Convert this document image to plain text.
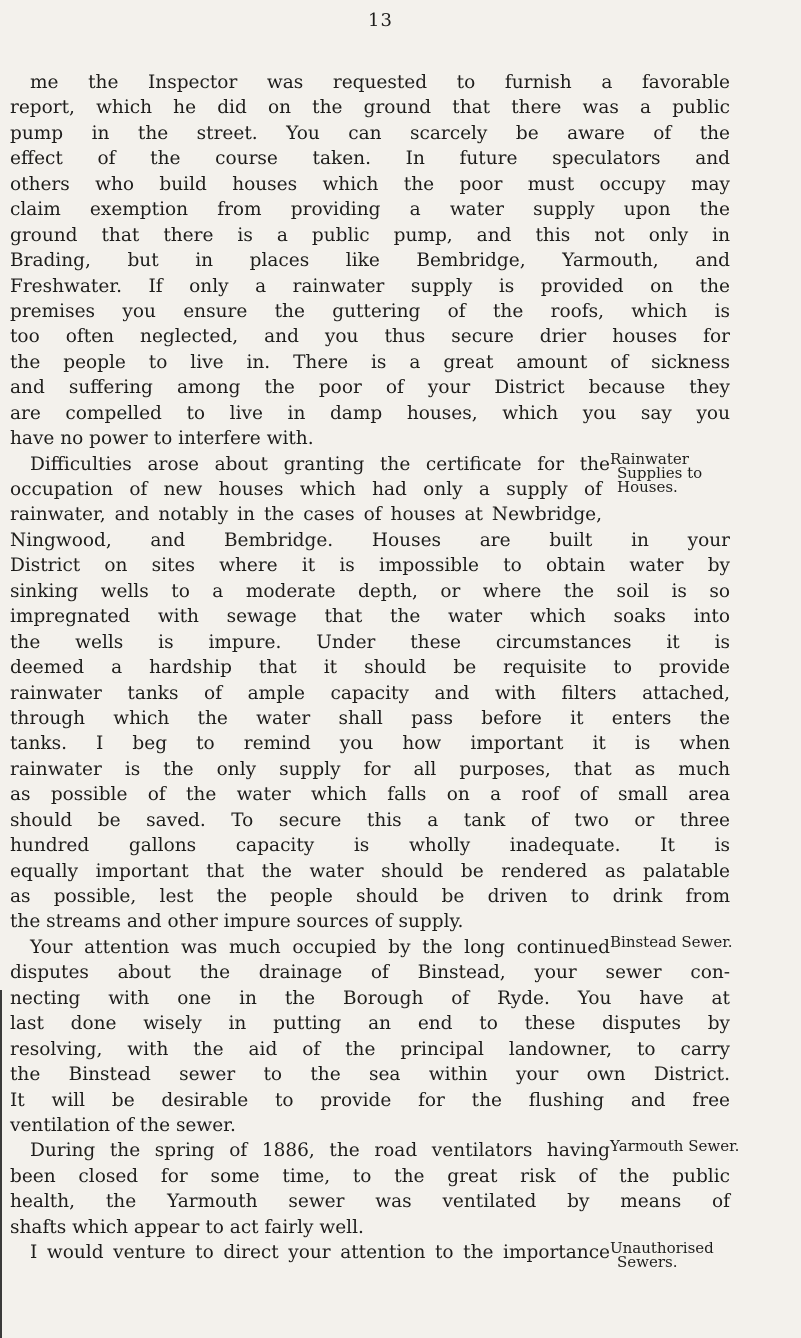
13
me the Inspector was requested to furnish a favorable
report, which he did on the ground that there was a public
pump in the street. You can scarcely be aware of the
effect of the course taken. In future speculators and
others who build houses which the poor must occupy may
claim exemption from providing a water supply upon the
ground that there is a public pump, and this not only in
Brading, but in places like Bembridge, Yarmouth, and
Freshwater. If only a rainwater supply is provided on the
premises you ensure the guttering of the roofs, which is
too often neglected, and you thus secure drier houses for
the people to live in. There is a great amount of sickness
and suffering among the poor of your District because they
are compelled to live in damp houses, which you say you
have no power to interfere with.
Difficulties arose about granting the certificate for the
occupation of new houses which had only a supply of
rainwater, and notably in the cases of houses at Newbridge,
Ningwood, and Bembridge. Houses are built in your
District on sites where it is impossible to obtain water by
sinking wells to a moderate depth, or where the soil is so
impregnated with sewage that the water which soaks into
the wells is impure. Under these circumstances it is
deemed a hardship that it should be requisite to provide
rainwater tanks of ample capacity and with filters attached,
through which the water shall pass before it enters the
tanks. I beg to remind you how important it is when
rainwater is the only supply for all purposes, that as much
as possible of the water which falls on a roof of small area
should be saved. To secure this a tank of two or three
hundred gallons capacity is wholly inadequate. It is
equally important that the water should be rendered as palatable
as possible, lest the people should be driven to drink from
the streams and other impure sources of supply.
Your attention was much occupied by the long continued
disputes about the drainage of Binstead, your sewer con-
necting with one in the Borough of Ryde. You have at
last done wisely in putting an end to these disputes by
resolving, with the aid of the principal landowner, to carry
the Binstead sewer to the sea within your own District.
It will be desirable to provide for the flushing and free
ventilation of the sewer.
During the spring of 1886, the road ventilators having
been closed for some time, to the great risk of the public
health, the Yarmouth sewer was ventilated by means of
shafts which appear to act fairly well.
I would venture to direct your attention to the importance
Rainwater
Supplies to
Houses.
Binstead Sewer.
Yarmouth Sewer.
Unauthorised
Sewers.
